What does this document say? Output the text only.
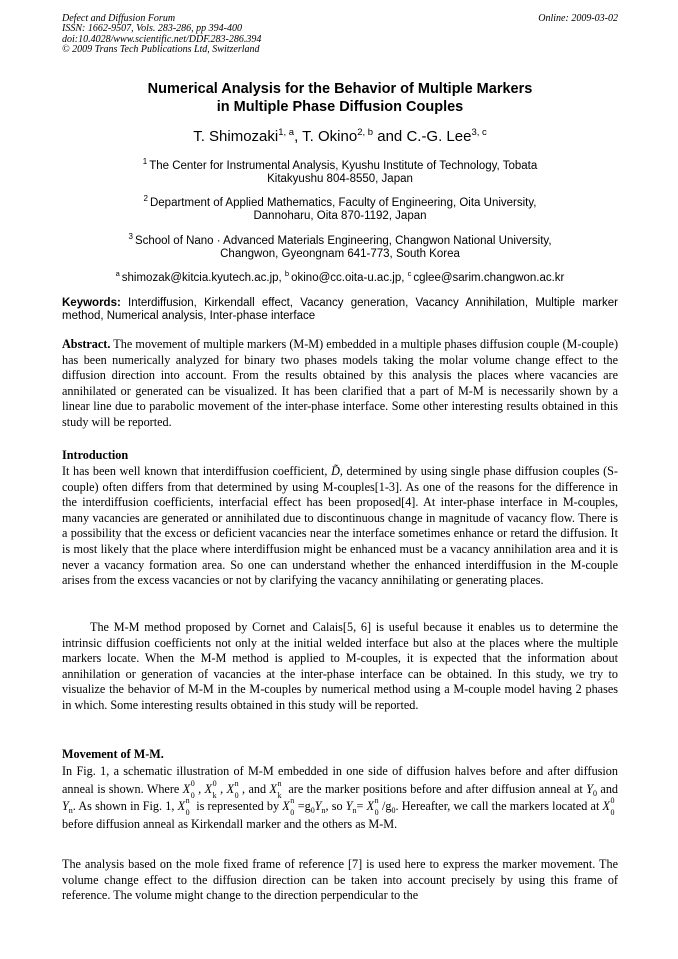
Defect and Diffusion Forum
ISSN: 1662-9507, Vols. 283-286, pp 394-400
doi:10.4028/www.scientific.net/DDF.283-286.394
© 2009 Trans Tech Publications Ltd, Switzerland
Online: 2009-03-02
Numerical Analysis for the Behavior of Multiple Markers
in Multiple Phase Diffusion Couples
T. Shimozaki$^{1, a}$, T. Okino$^{2, b}$ and C.-G. Lee$^{3, c}$
$^1$ The Center for Instrumental Analysis, Kyushu Institute of Technology, Tobata
Kitakyushu 804-8550, Japan
$^2$ Department of Applied Mathematics, Faculty of Engineering, Oita University,
Dannoharu, Oita 870-1192, Japan
$^3$ School of Nano · Advanced Materials Engineering, Changwon National University,
Changwon, Gyeongnam 641-773, South Korea
$^a$ shimozak@kitcia.kyutech.ac.jp, $^b$ okino@cc.oita-u.ac.jp, $^c$ cglee@sarim.changwon.ac.kr
Keywords: Interdiffusion, Kirkendall effect, Vacancy generation, Vacancy Annihilation, Multiple marker method, Numerical analysis, Inter-phase interface
Abstract. The movement of multiple markers (M-M) embedded in a multiple phases diffusion couple (M-couple) has been numerically analyzed for binary two phases models taking the molar volume change effect to the diffusion direction into account. From the results obtained by this analysis the places where vacancies are annihilated or generated can be visualized. It has been clarified that a part of M-M is necessarily shown by a linear line due to parabolic movement of the inter-phase interface. Some other interesting results obtained in this study will be reported.
Introduction
It has been well known that interdiffusion coefficient, D̃, determined by using single phase diffusion couples (S-couple) often differs from that determined by using M-couples[1-3]. As one of the reasons for the difference in the interdiffusion coefficients, interfacial effect has been proposed[4]. At inter-phase interface in M-couples, many vacancies are generated or annihilated due to discontinuous change in magnitude of vacancy flow. There is a possibility that the excess or deficient vacancies near the interface sometimes enhance or retard the diffusion. It is most likely that the place where interdiffusion might be enhanced must be a vacancy annihilation area and it is never a vacancy formation area. So one can understand whether the enhanced interdiffusion in the M-couple arises from the excess vacancies or not by clarifying the vacancy annihilating or generating places.
The M-M method proposed by Cornet and Calais[5, 6] is useful because it enables us to determine the intrinsic diffusion coefficients not only at the initial welded interface but also at the places where the multiple markers locate. When the M-M method is applied to M-couples, it is expected that the information about annihilation or generation of vacancies at the inter-phase interface can be obtained. In this study, we try to visualize the behavior of M-M in the M-couples by numerical method using a M-couple model having 2 phases in which. Some interesting results obtained in this study will be reported.
Movement of M-M.
In Fig. 1, a schematic illustration of M-M embedded in one side of diffusion halves before and after diffusion anneal is shown. Where X 0
0 , X 0
k , X n
0 , and X n
k are the marker positions before and after diffusion anneal at $Y_0$ and $Y_n$. As shown in Fig. 1, X n
0 is represented by X n
$0 =g_0Y_n$, so $Y_n= X$ n
0 $/g_0$. Hereafter, we call the markers located at X 0
0
before diffusion anneal as Kirkendall marker and the others as M-M.
The analysis based on the mole fixed frame of reference [7] is used here to express the marker movement. The volume change effect to the diffusion direction can be taken into account precisely by using this frame of reference. The volume might change to the direction perpendicular to the
